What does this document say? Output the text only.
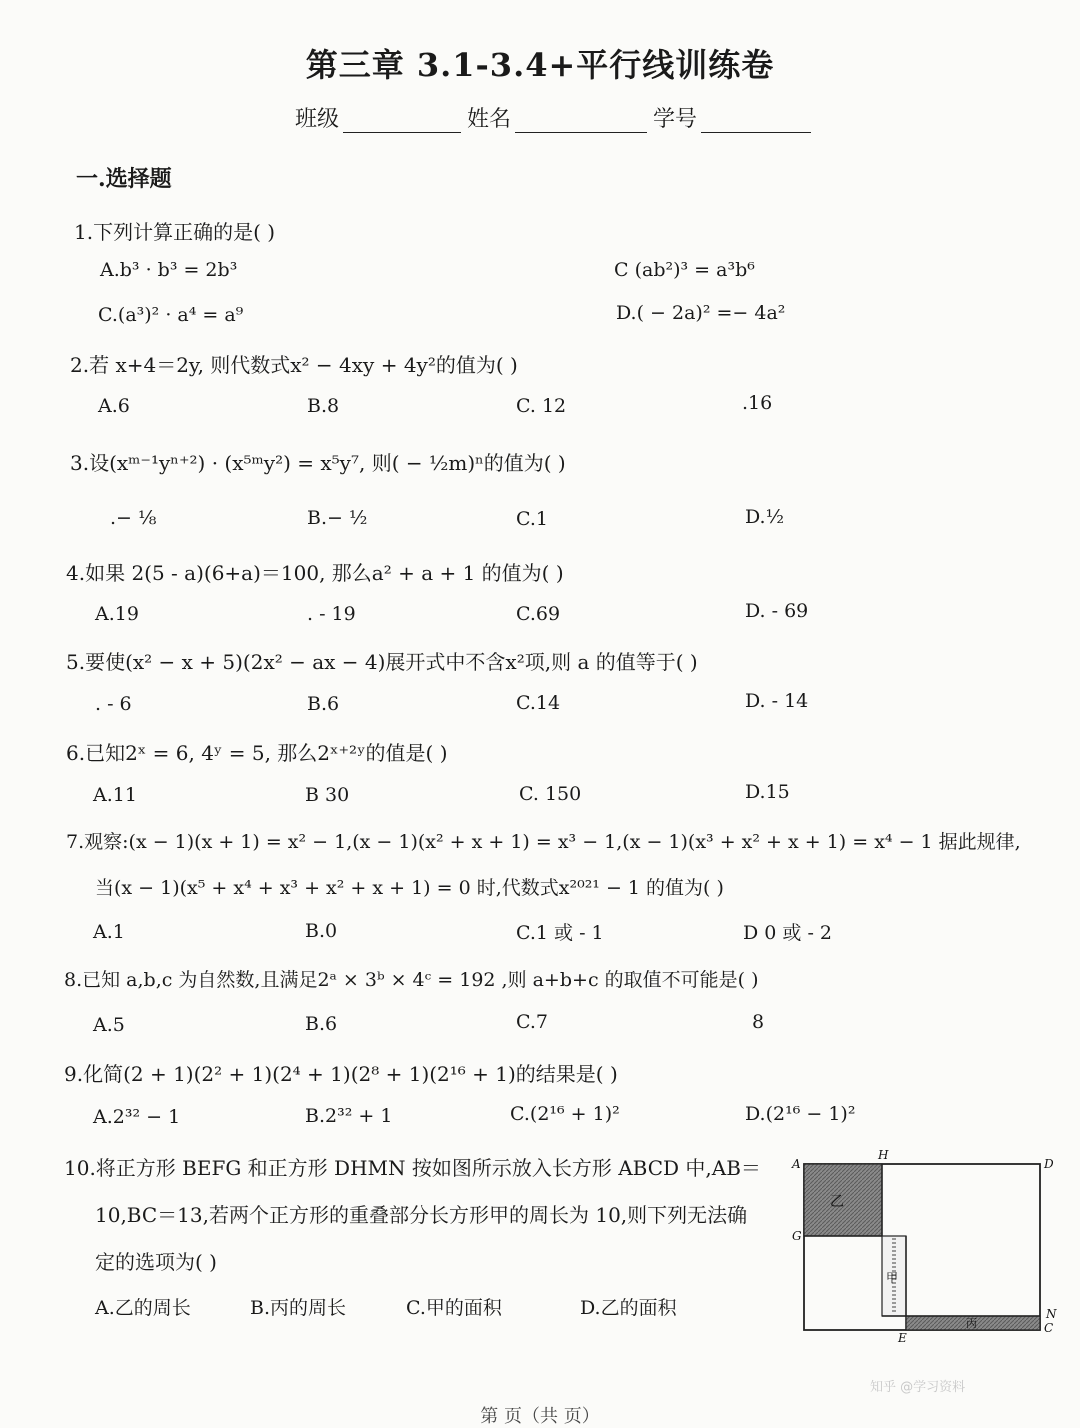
第三章 3.1-3.4+平行线训练卷
班级	姓名	学号
一.选择题
1.下列计算正确的是( )
A.b³ · b³ = 2b³	C (ab²)³ = a³b⁶
C.(a³)² · a⁴ = a⁹	D.( − 2a)² =− 4a²
2.若 x+4＝2y, 则代数式x² − 4xy + 4y²的值为( )
A.6	B.8	C. 12	.16
3.设(xᵐ⁻¹yⁿ⁺²) · (x⁵ᵐy²) = x⁵y⁷, 则( − ½m)ⁿ的值为( )
.− ⅛	B.− ½	C.1	D.½
4.如果 2(5 - a)(6+a)＝100, 那么a² + a + 1 的值为( )
A.19	. - 19	C.69	D. - 69
5.要使(x² − x + 5)(2x² − ax − 4)展开式中不含x²项,则 a 的值等于( )
. - 6	B.6	C.14	D. - 14
6.已知2ˣ = 6, 4ʸ = 5, 那么2ˣ⁺²ʸ的值是( )
A.11	B 30	C. 150	D.15
7.观察:(x − 1)(x + 1) = x² − 1,(x − 1)(x² + x + 1) = x³ − 1,(x − 1)(x³ + x² + x + 1) = x⁴ − 1 据此规律,
当(x − 1)(x⁵ + x⁴ + x³ + x² + x + 1) = 0 时,代数式x²⁰²¹ − 1 的值为( )
A.1	B.0	C.1 或 - 1	D 0 或 - 2
8.已知 a,b,c 为自然数,且满足2ᵃ × 3ᵇ × 4ᶜ = 192 ,则 a+b+c 的取值不可能是( )
A.5	B.6	C.7	8
9.化简(2 + 1)(2² + 1)(2⁴ + 1)(2⁸ + 1)(2¹⁶ + 1)的结果是( )
A.2³² − 1	B.2³² + 1	C.(2¹⁶ + 1)²	D.(2¹⁶ − 1)²
10.将正方形 BEFG 和正方形 DHMN 按如图所示放入长方形 ABCD 中,AB＝
10,BC＝13,若两个正方形的重叠部分长方形甲的周长为 10,则下列无法确
定的选项为( )
A.乙的周长	B.丙的周长	C.甲的面积	D.乙的面积
乙
甲
丙
A
H
D
G
N
C
E
知乎 @学习资料
第 页（共 页）
